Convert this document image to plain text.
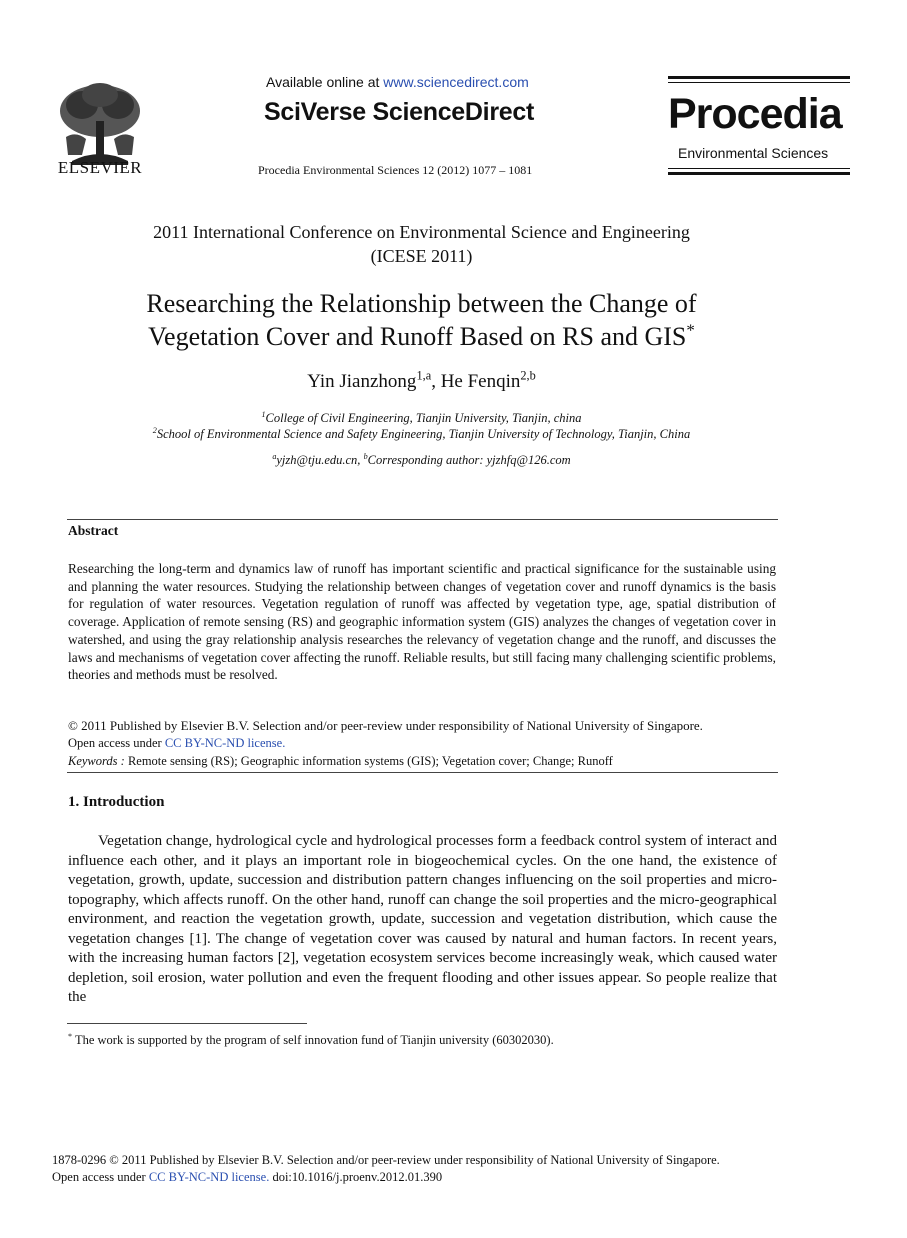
ELSEVIER
Available online at www.sciencedirect.com
SciVerse ScienceDirect
Procedia Environmental Sciences 12 (2012) 1077 – 1081
Procedia
Environmental Sciences
2011 International Conference on Environmental Science and Engineering
(ICESE 2011)
Researching the Relationship between the Change of
Vegetation Cover and Runoff Based on RS and GIS*
Yin Jianzhong$^{1,a}$, He Fenqin$^{2,b}$
$^1$College of Civil Engineering, Tianjin University, Tianjin, china
$^2$School of Environmental Science and Safety Engineering, Tianjin University of Technology, Tianjin, China
$^a$yjzh@tju.edu.cn, $^b$Corresponding author: yjzhfq@126.com
Abstract
Researching the long-term and dynamics law of runoff has important scientific and practical significance for the sustainable using and planning the water resources. Studying the relationship between changes of vegetation cover and runoff dynamics is the basis for regulation of water resources. Vegetation regulation of runoff was affected by vegetation type, age, spatial distribution of coverage. Application of remote sensing (RS) and geographic information system (GIS) analyzes the changes of vegetation cover in watershed, and using the gray relationship analysis researches the relevancy of vegetation change and the runoff, and discusses the laws and mechanisms of vegetation cover affecting the runoff. Reliable results, but still facing many challenging scientific problems, theories and methods must be resolved.
© 2011 Published by Elsevier B.V. Selection and/or peer-review under responsibility of National University of Singapore.
Open access under CC BY-NC-ND license.
Keywords : Remote sensing (RS); Geographic information systems (GIS); Vegetation cover; Change; Runoff
1. Introduction
Vegetation change, hydrological cycle and hydrological processes form a feedback control system of interact and influence each other, and it plays an important role in biogeochemical cycles. On the one hand, the existence of vegetation, growth, update, succession and distribution pattern changes influencing on the soil properties and micro-topography, which affects runoff. On the other hand, runoff can change the soil properties and the micro-geographical environment, and reaction the vegetation growth, update, succession and vegetation distribution, which cause the vegetation changes [1]. The change of vegetation cover was caused by natural and human factors. In recent years, with the increasing human factors [2], vegetation ecosystem services become increasingly weak, which caused water depletion, soil erosion, water pollution and even the frequent flooding and other issues appear. So people realize that the
* The work is supported by the program of self innovation fund of Tianjin university (60302030).
1878-0296 © 2011 Published by Elsevier B.V. Selection and/or peer-review under responsibility of National University of Singapore.
Open access under CC BY-NC-ND license. doi:10.1016/j.proenv.2012.01.390
